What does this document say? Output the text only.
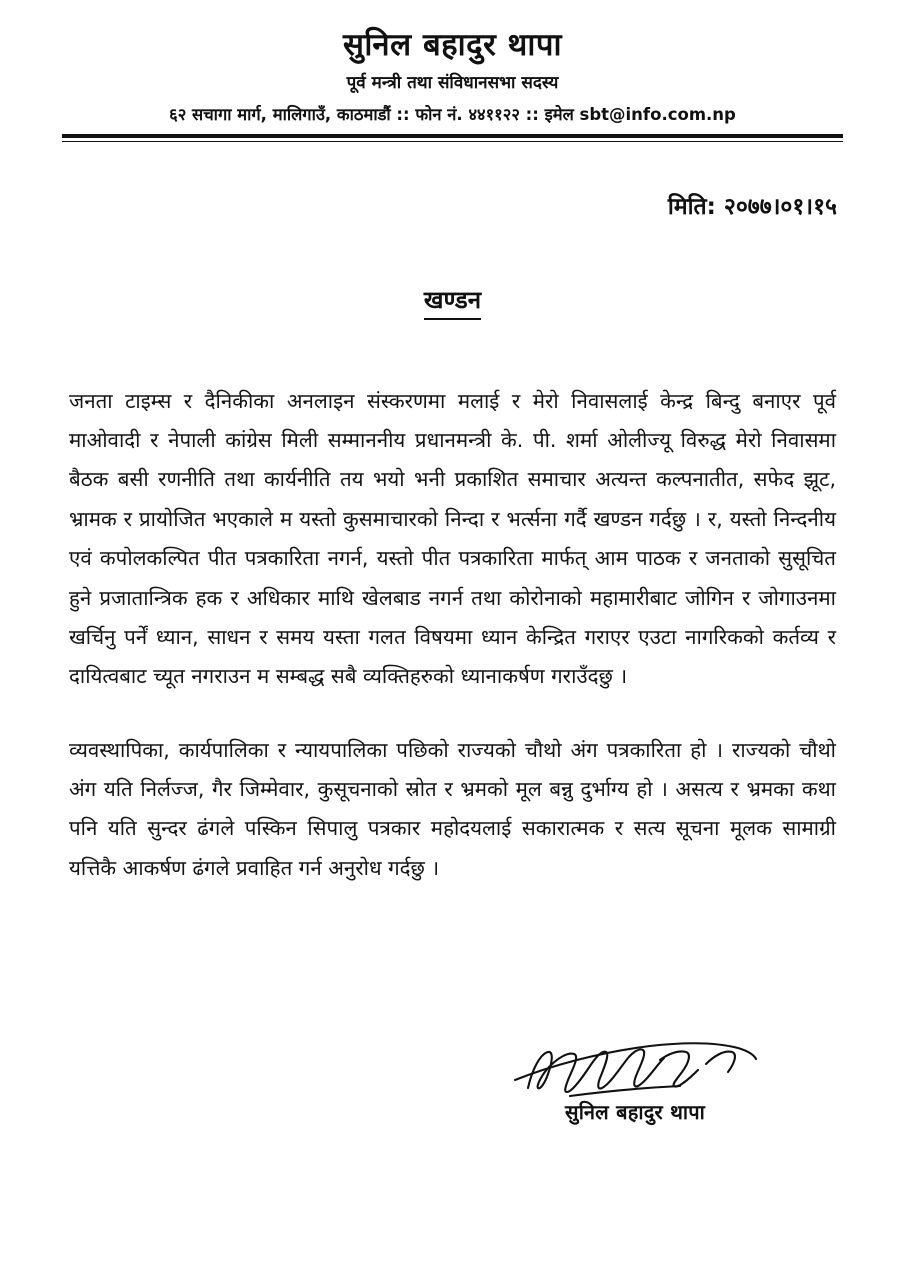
सुनिल बहादुर थापा
पूर्व मन्त्री तथा संविधानसभा सदस्य
६२ सचागा मार्ग, मालिगाउँ, काठमाडौं :: फोन नं. ४४११२२ :: इमेल sbt@info.com.np
मिति: २०७७।०१।१५
खण्डन

जनता टाइम्स र दैनिकीका अनलाइन संस्करणमा मलाई र मेरो निवासलाई केन्द्र बिन्दु बनाएर पूर्व माओवादी र नेपाली कांग्रेस मिली सम्माननीय प्रधानमन्त्री के. पी. शर्मा ओलीज्यू विरुद्ध मेरो निवासमा बैठक बसी रणनीति तथा कार्यनीति तय भयो भनी प्रकाशित समाचार अत्यन्त कल्पनातीत, सफेद झूट, भ्रामक र प्रायोजित भएकाले म यस्तो कुसमाचारको निन्दा र भर्त्सना गर्दै खण्डन गर्दछु । र, यस्तो निन्दनीय एवं कपोलकल्पित पीत पत्रकारिता नगर्न, यस्तो पीत पत्रकारिता मार्फत् आम पाठक र जनताको सुसूचित हुने प्रजातान्त्रिक हक र अधिकार माथि खेलबाड नगर्न तथा कोरोनाको महामारीबाट जोगिन र जोगाउनमा खर्चिनु पर्नें ध्यान, साधन र समय यस्ता गलत विषयमा ध्यान केन्द्रित गराएर एउटा नागरिकको कर्तव्य र दायित्वबाट च्यूत नगराउन म सम्बद्ध सबै व्यक्तिहरुको ध्यानाकर्षण गराउँदछु ।

व्यवस्थापिका, कार्यपालिका र न्यायपालिका पछिको राज्यको चौथो अंग पत्रकारिता हो । राज्यको चौथो अंग यति निर्लज्ज, गैर जिम्मेवार, कुसूचनाको स्रोत र भ्रमको मूल बन्नु दुर्भाग्य हो । असत्य र भ्रमका कथा पनि यति सुन्दर ढंगले पस्किन सिपालु पत्रकार महोदयलाई सकारात्मक र सत्य सूचना मूलक सामाग्री यत्तिकै आकर्षण ढंगले प्रवाहित गर्न अनुरोध गर्दछु ।

सुनिल बहादुर थापा
